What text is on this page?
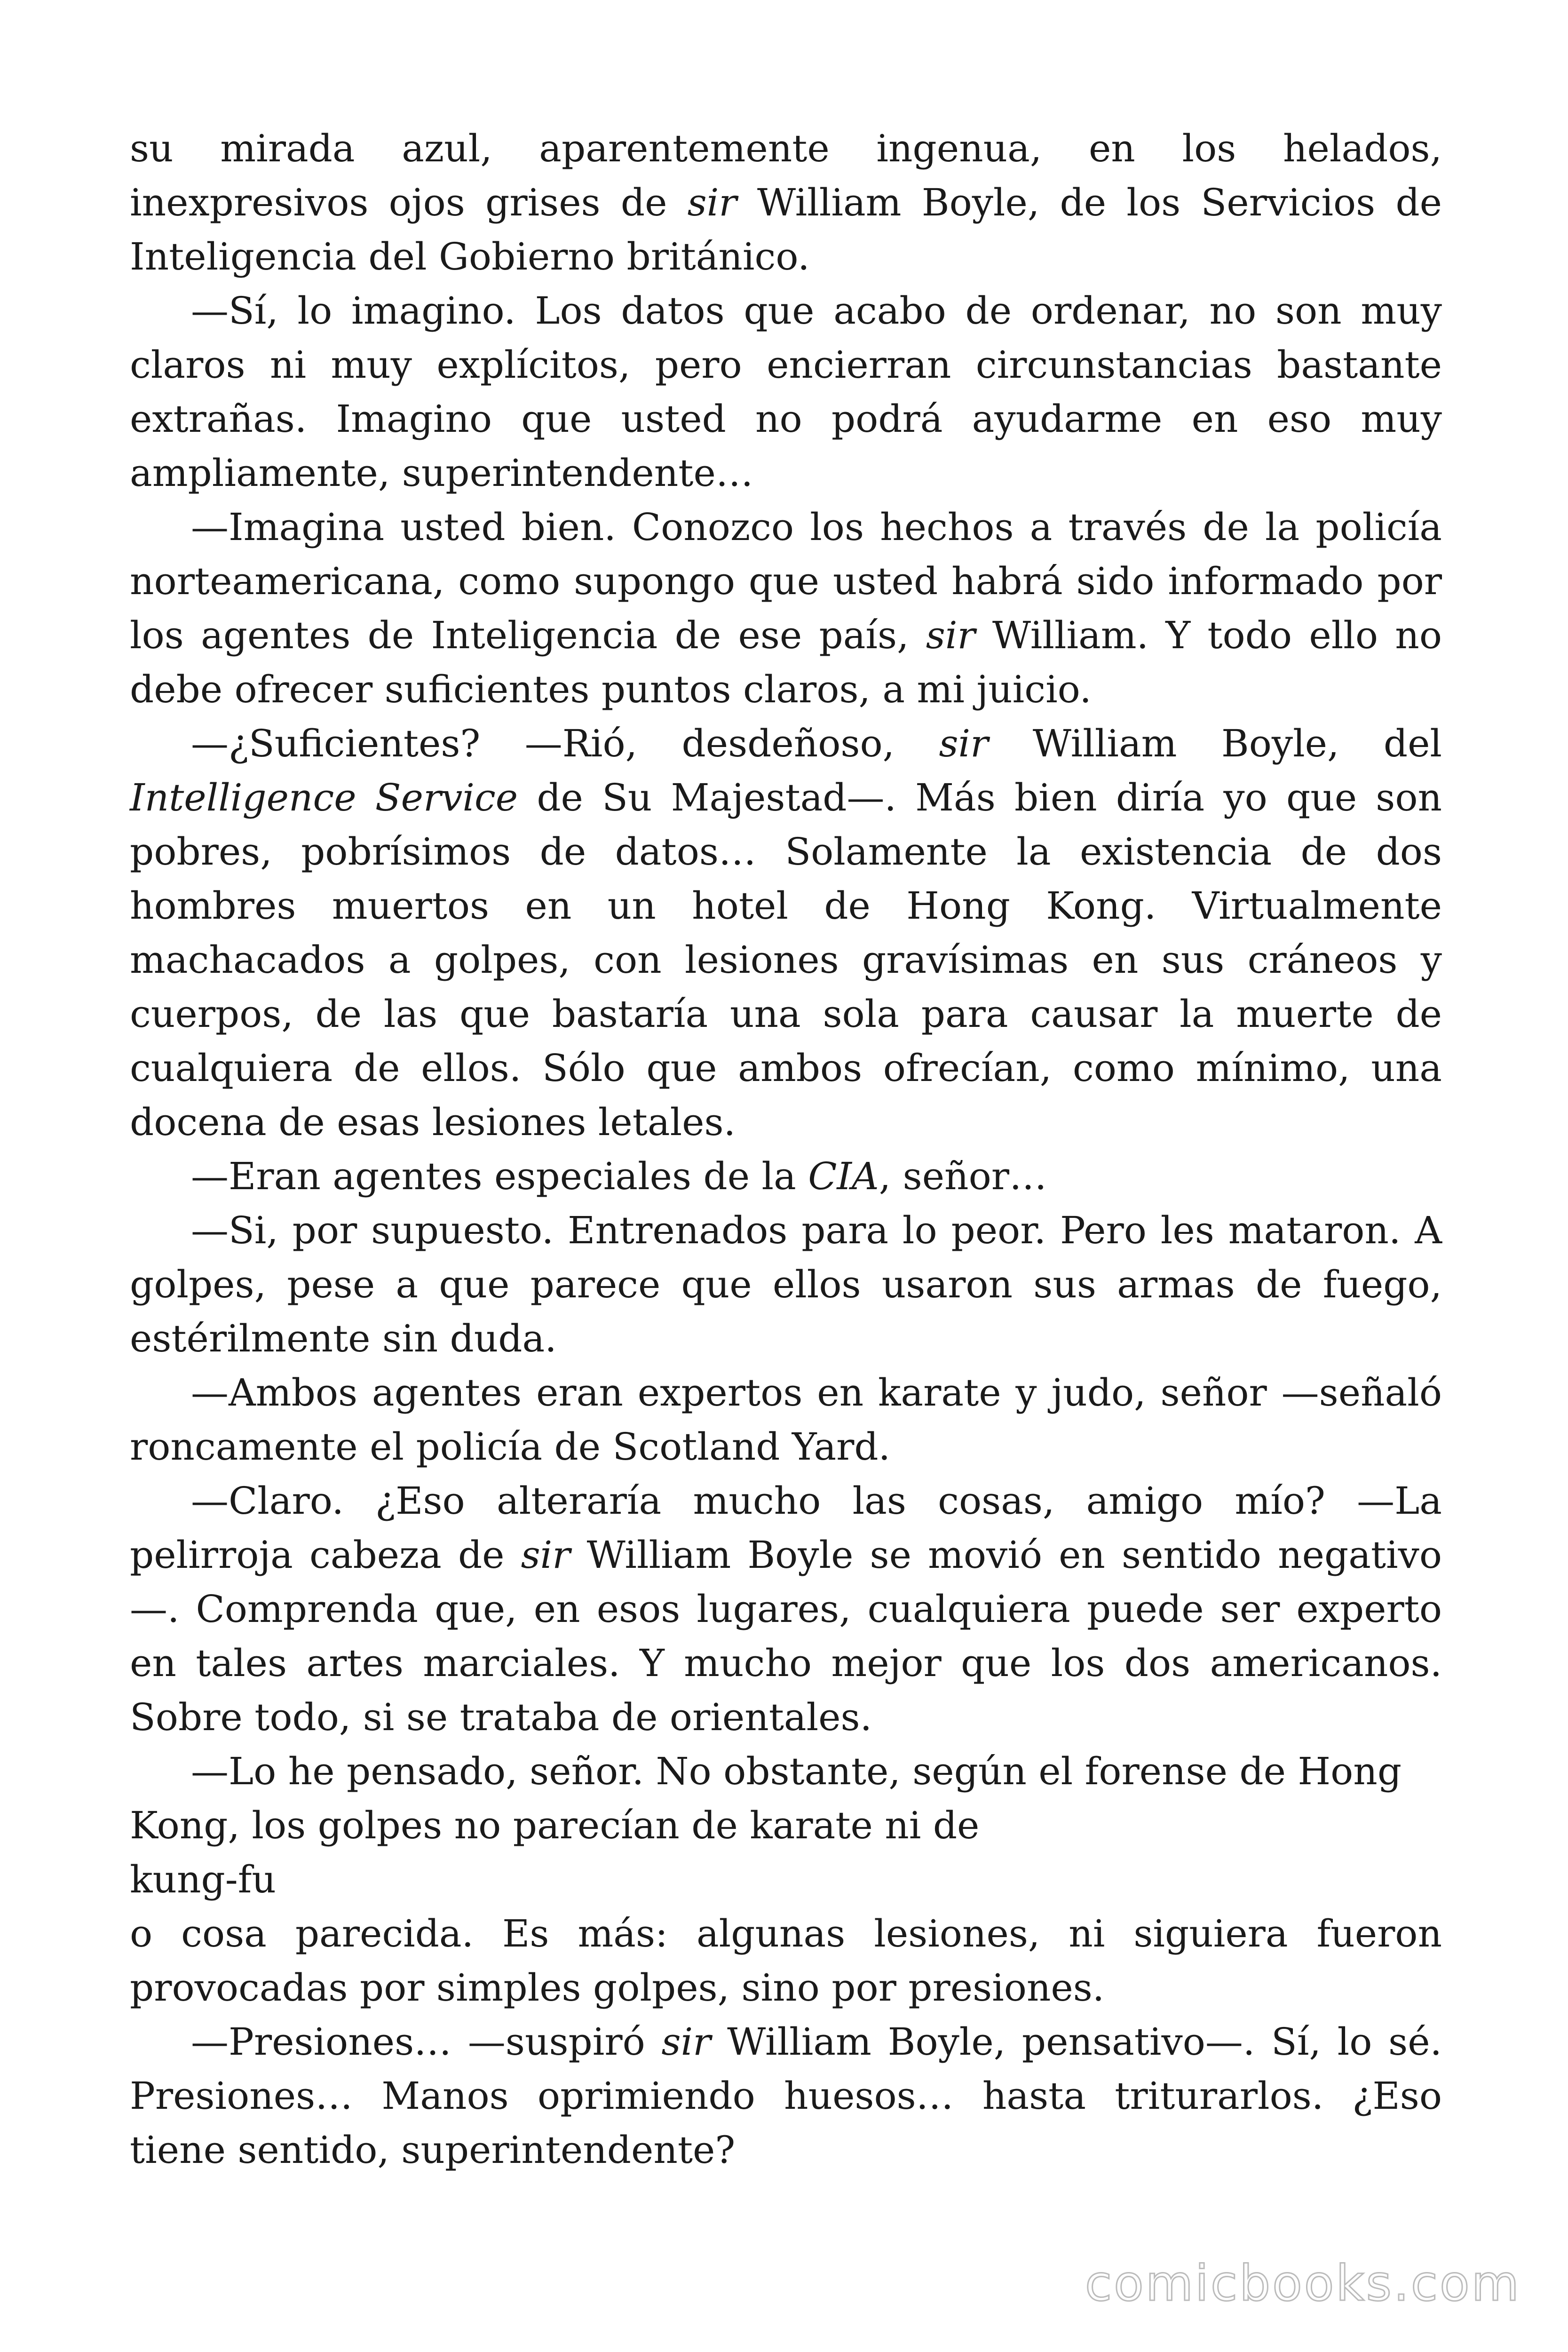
su mirada azul, aparentemente ingenua, en los helados, inexpresivos ojos grises de sir William Boyle, de los Servicios de Inteligencia del Gobierno británico.

—Sí, lo imagino. Los datos que acabo de ordenar, no son muy claros ni muy explícitos, pero encierran circunstancias bastante extrañas. Imagino que usted no podrá ayudarme en eso muy ampliamente, superintendente…

—Imagina usted bien. Conozco los hechos a través de la policía norteamericana, como supongo que usted habrá sido informado por los agentes de Inteligencia de ese país, sir William. Y todo ello no debe ofrecer suficientes puntos claros, a mi juicio.

—¿Suficientes? —Rió, desdeñoso, sir William Boyle, del Intelligence Service de Su Majestad—. Más bien diría yo que son pobres, pobrísimos de datos… Solamente la existencia de dos hombres muertos en un hotel de Hong Kong. Virtualmente machacados a golpes, con lesiones gravísimas en sus cráneos y cuerpos, de las que bastaría una sola para causar la muerte de cualquiera de ellos. Sólo que ambos ofrecían, como mínimo, una docena de esas lesiones letales.

—Eran agentes especiales de la CIA, señor…

—Si, por supuesto. Entrenados para lo peor. Pero les mataron. A golpes, pese a que parece que ellos usaron sus armas de fuego, estérilmente sin duda.

—Ambos agentes eran expertos en karate y judo, señor —señaló roncamente el policía de Scotland Yard.

—Claro. ¿Eso alteraría mucho las cosas, amigo mío? —La pelirroja cabeza de sir William Boyle se movió en sentido negativo —. Comprenda que, en esos lugares, cualquiera puede ser experto en tales artes marciales. Y mucho mejor que los dos americanos. Sobre todo, si se trataba de orientales.

—Lo he pensado, señor. No obstante, según el forense de Hong Kong, los golpes no parecían de karate ni de

kung-fu

o cosa parecida. Es más: algunas lesiones, ni siguiera fueron provocadas por simples golpes, sino por presiones.

—Presiones… —suspiró sir William Boyle, pensativo—. Sí, lo sé. Presiones… Manos oprimiendo huesos… hasta triturarlos. ¿Eso tiene sentido, superintendente?

comicbooks.com
